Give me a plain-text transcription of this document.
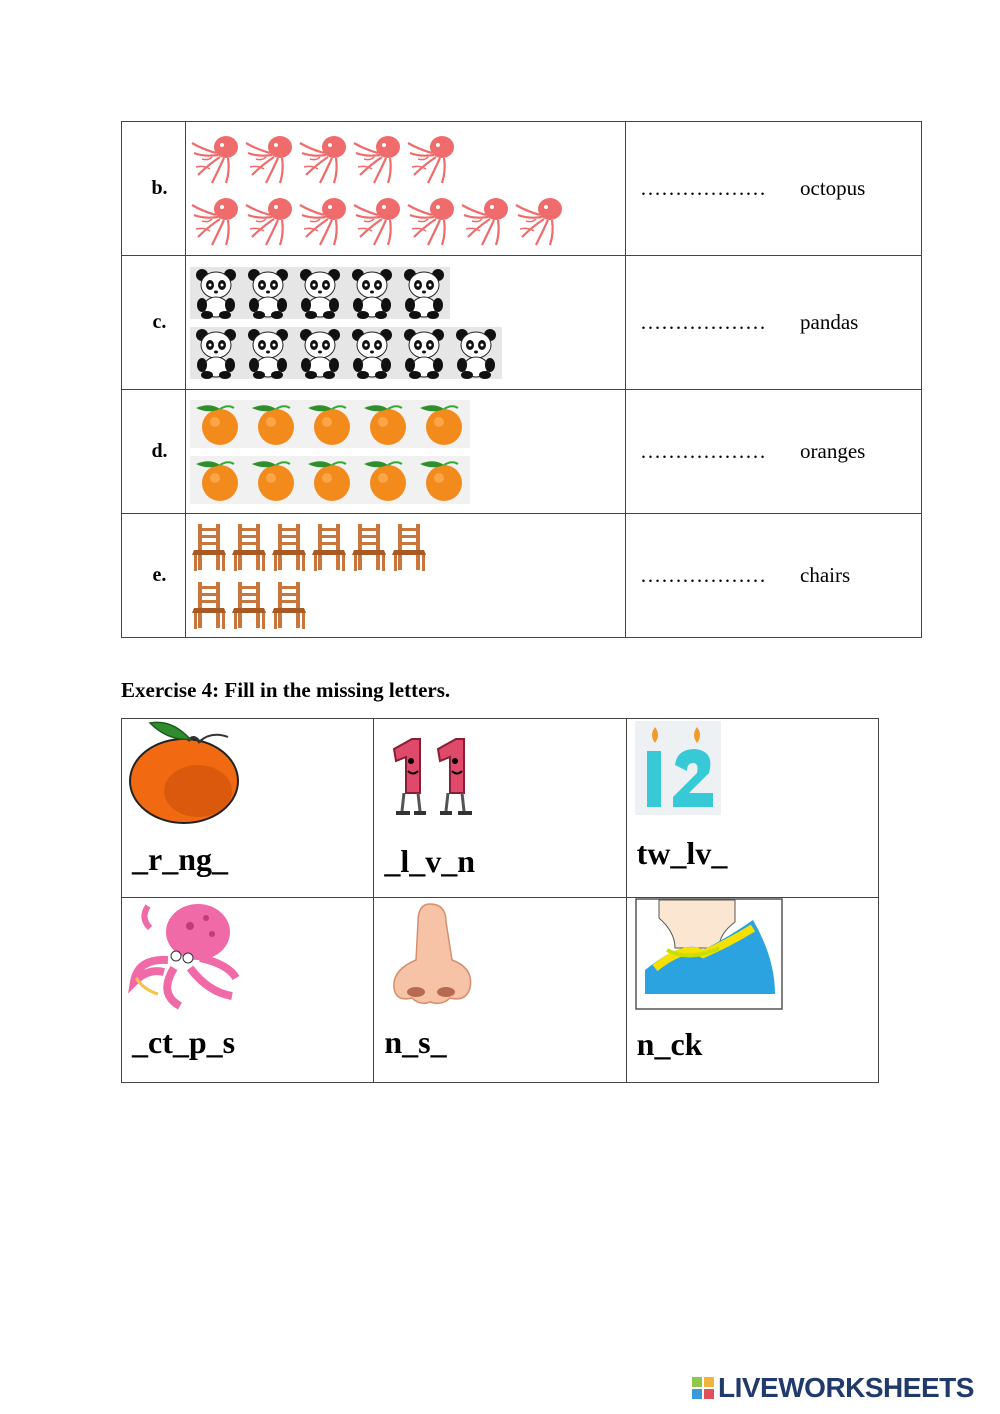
b.		……………… octopus
c.		……………… pandas
d.		……………… oranges
e.		……………… chairs
Exercise 4: Fill in the missing letters.
_r_ng_	_l_v_n	tw_lv_

_ct_p_s	n_s_	n_ck
LIVEWORKSHEETS
